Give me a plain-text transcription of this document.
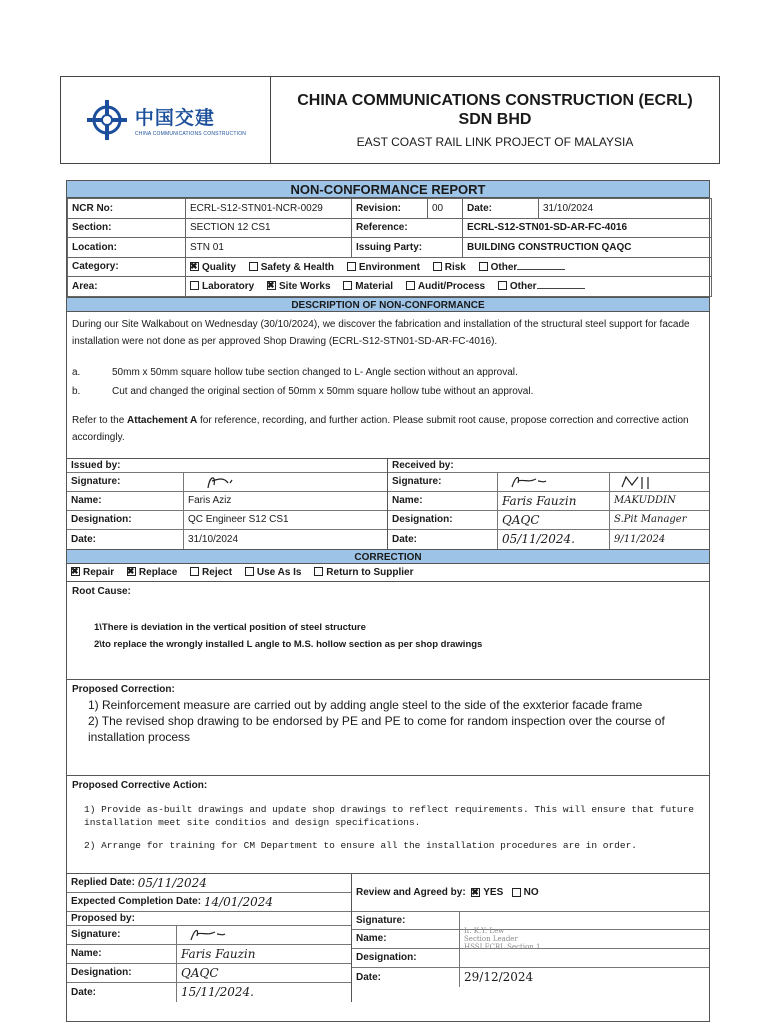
中国交建
CHINA COMMUNICATIONS CONSTRUCTION
CHINA COMMUNICATIONS CONSTRUCTION (ECRL)
SDN BHD
EAST COAST RAIL LINK PROJECT OF MALAYSIA
NON-CONFORMANCE REPORT
NCR No:	ECRL-S12-STN01-NCR-0029	Revision:	00	Date:	31/10/2024
Section:	SECTION 12 CS1	Reference:		ECRL-S12-STN01-SD-AR-FC-4016	
Location:	STN 01	Issuing Party:		BUILDING CONSTRUCTION QAQC	
Category:	✖Quality Safety & Health Environment Risk Other
Area:	Laboratory ✖ Site Works Material Audit/Process Other
DESCRIPTION OF NON-CONFORMANCE

During our Site Walkabout on Wednesday (30/10/2024), we discover the fabrication and installation of the structural steel support for facade installation were not done as per approved Shop Drawing (ECRL-S12-STN01-SD-AR-FC-4016).

a.	50mm x 50mm square hollow tube section changed to L- Angle section without an approval.
b.	Cut and changed the original section of 50mm x 50mm square hollow tube without an approval.

Refer to the Attachement A for reference, recording, and further action. Please submit root cause, propose correction and corrective action accordingly.

Issued by:
Signature:
Name:	Faris Aziz
Designation:	QC Engineer S12 CS1
Date:	31/10/2024
Received by:
Signature:
Name:	Faris Fauzin	MAKUDDIN
Designation:	QAQC	S.Pit Manager
Date:	05/11/2024.	9/11/2024
CORRECTION
✖Repair ✖ Replace Reject Use As Is Return to Supplier
Root Cause:
1\There is deviation in the vertical position of steel structure
2\to replace the wrongly installed L angle to M.S. hollow section as per shop drawings
Proposed Correction:
1) Reinforcement measure are carried out by adding angle steel to the side of the exxterior facade frame
2) The revised shop drawing to be endorsed by PE and PE to come for random inspection over the course of installation process
Proposed Corrective Action:
1) Provide as-built drawings and update shop drawings to reflect requirements. This will ensure that future installation meet site conditios and design specifications.
2) Arrange for training for CM Department to ensure all the installation procedures are in order.
Replied Date:
05/11/2024
Expected Completion Date:
14/01/2024
Proposed by:
Signature:
Name:	Faris Fauzin
Designation:	QAQC
Date:	15/11/2024.
Review and Agreed by:
✖ YES
NO
Signature:
Name:
Ir. K.Y. Lew
Section Leader
HSSI ECRL Section 1
Designation:
Date:	29/12/2024
